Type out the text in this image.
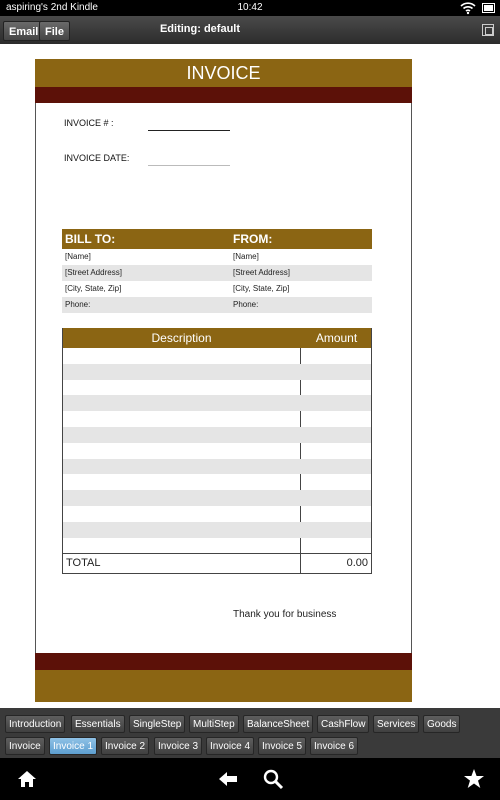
aspiring's 2nd Kindle	10:42
Email File	Editing: default
INVOICE
INVOICE # :
INVOICE DATE:
BILL TO:	FROM:
[Name]	[Name]
[Street Address]	[Street Address]
[City, State, Zip]	[City, State, Zip]
Phone:	Phone:
Description	Amount
TOTAL	0.00
Thank you for business
Introduction	Essentials	SingleStep	MultiStep	BalanceSheet	CashFlow	Services	Goods
Invoice	Invoice 1	Invoice 2	Invoice 3	Invoice 4	Invoice 5	Invoice 6
